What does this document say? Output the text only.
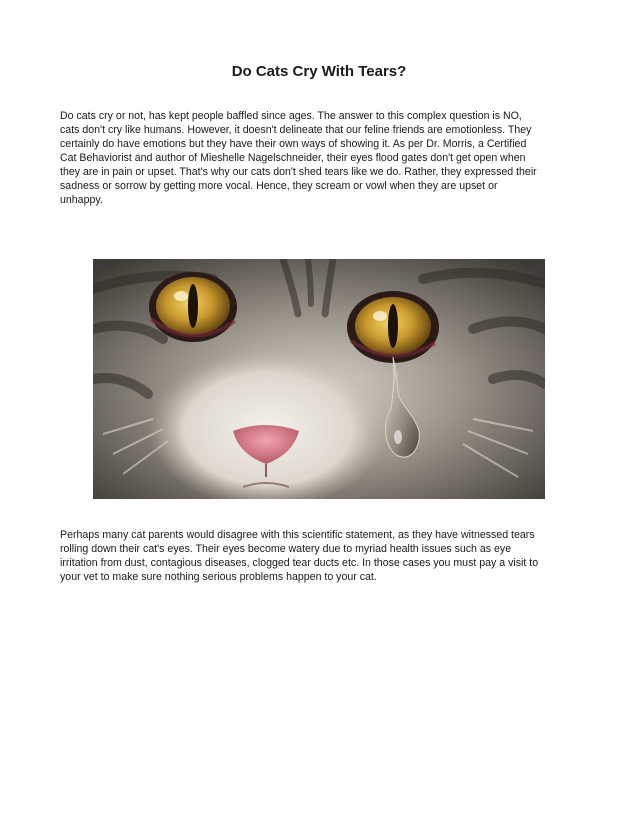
Do Cats Cry With Tears?
Do cats cry or not, has kept people baffled since ages. The answer to this complex question is NO,
cats don't cry like humans. However, it doesn't delineate that our feline friends are emotionless. They
certainly do have emotions but they have their own ways of showing it. As per Dr. Morris, a Certified
Cat Behaviorist and author of Mieshelle Nagelschneider, their eyes flood gates don't get open when
they are in pain or upset. That's why our cats don't shed tears like we do. Rather, they expressed their
sadness or sorrow by getting more vocal. Hence, they scream or vowl when they are upset or
unhappy.
Perhaps many cat parents would disagree with this scientific statement, as they have witnessed tears
rolling down their cat's eyes. Their eyes become watery due to myriad health issues such as eye
irritation from dust, contagious diseases, clogged tear ducts etc. In those cases you must pay a visit to
your vet to make sure nothing serious problems happen to your cat.
